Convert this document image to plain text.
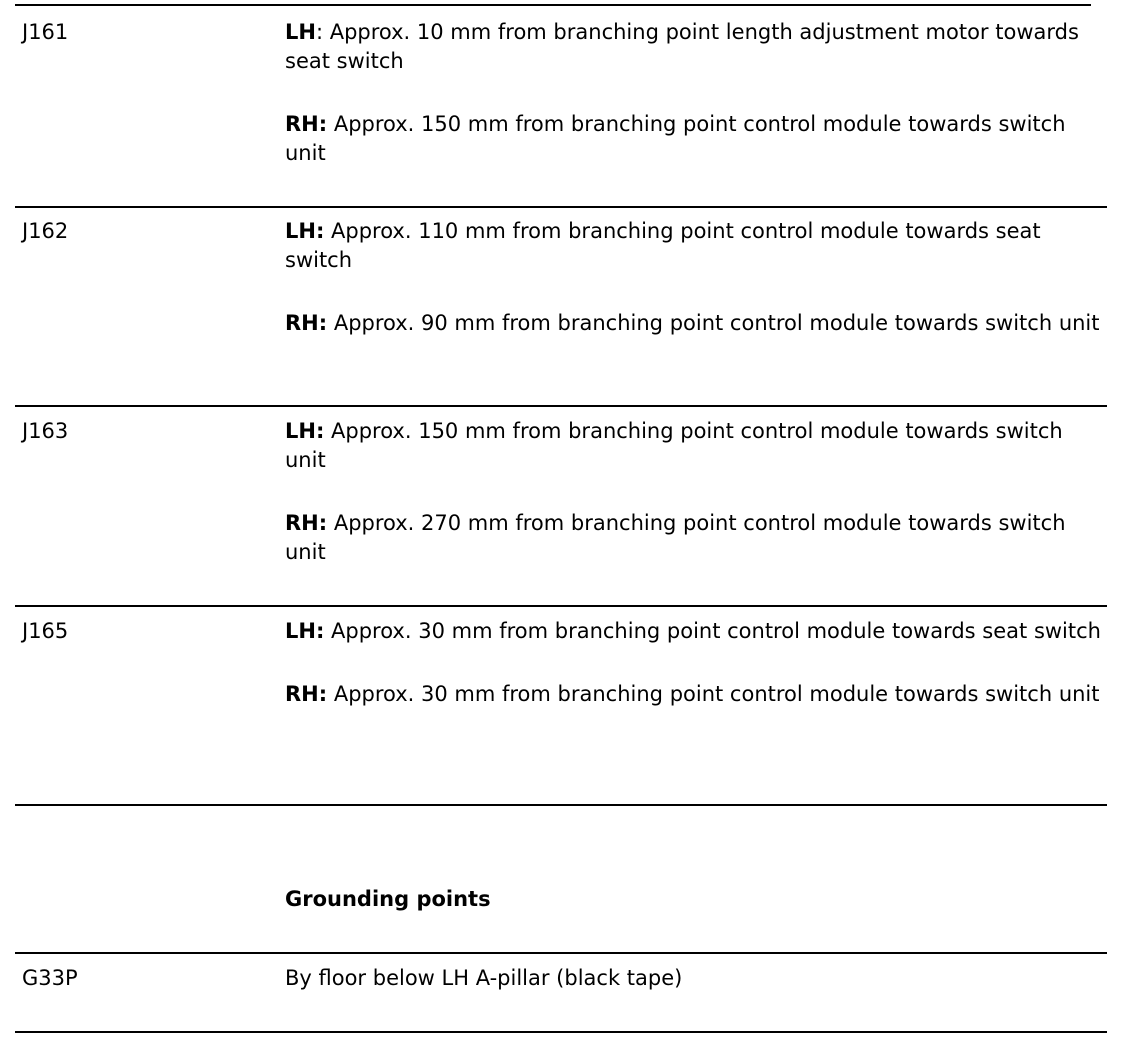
J161	LH: Approx. 10 mm from branching point length adjustment motor towards seat switch

RH: Approx. 150 mm from branching point control module towards switch unit

J162	LH: Approx. 110 mm from branching point control module towards seat switch

RH: Approx. 90 mm from branching point control module towards switch unit

J163	LH: Approx. 150 mm from branching point control module towards switch unit

RH: Approx. 270 mm from branching point control module towards switch unit

J165	LH: Approx. 30 mm from branching point control module towards seat switch

RH: Approx. 30 mm from branching point control module towards switch unit

Grounding points
G33P	By floor below LH A-pillar (black tape)
